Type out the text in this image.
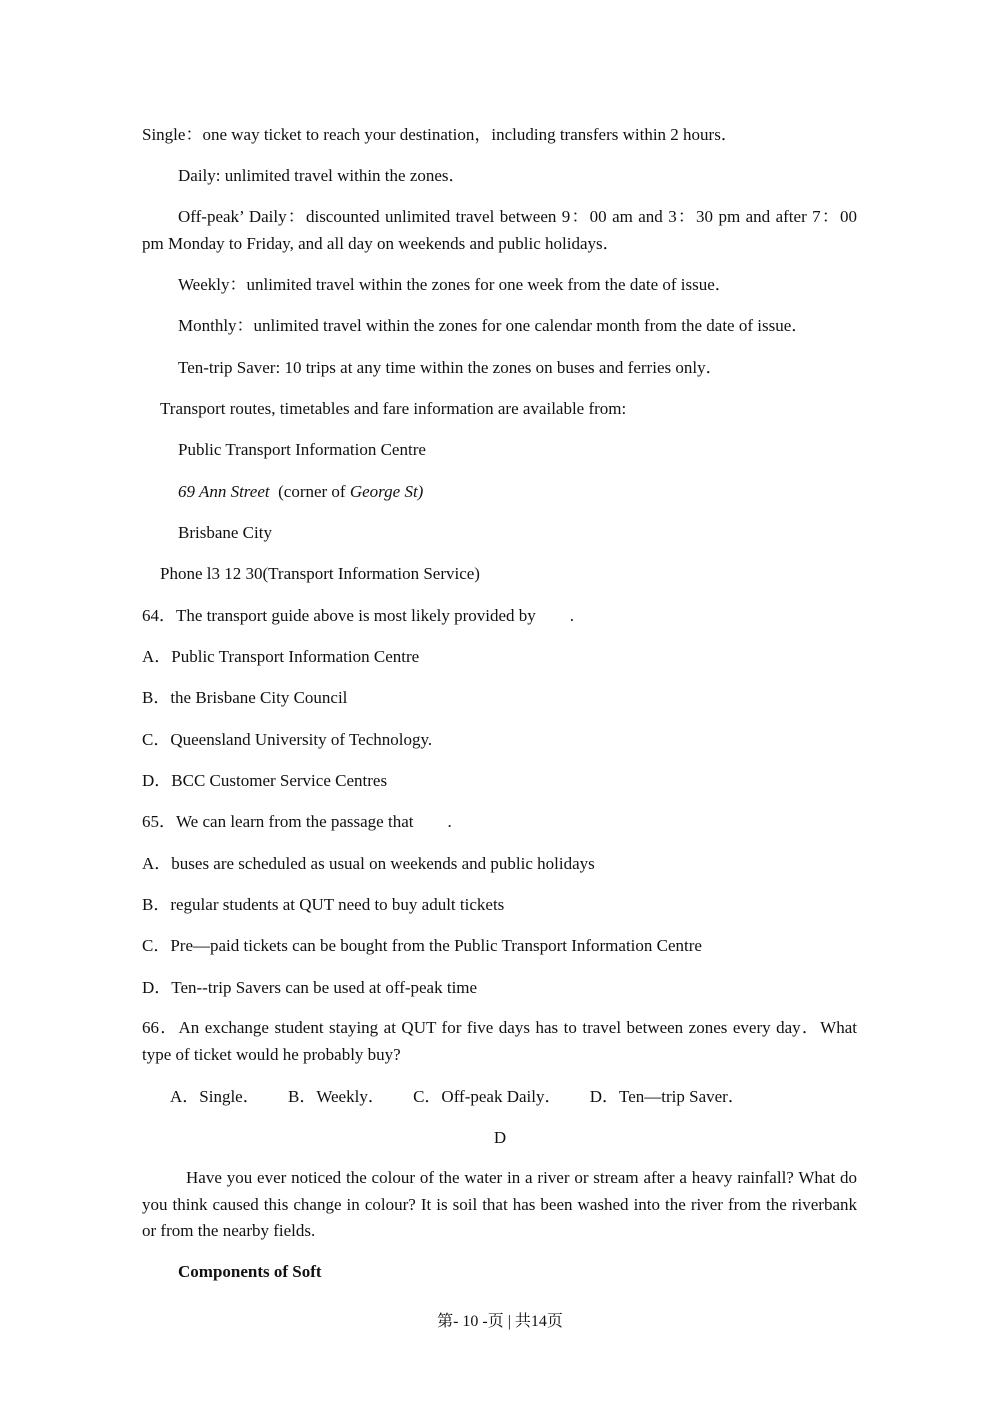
Single：one way ticket to reach your destination，including transfers within 2 hours．
Daily: unlimited travel within the zones．
Off-peak’ Daily：discounted unlimited travel between 9：00 am and 3：30 pm and after 7：00 pm Monday to Friday, and all day on weekends and public holidays．
Weekly：unlimited travel within the zones for one week from the date of issue．
Monthly：unlimited travel within the zones for one calendar month from the date of issue．
Ten-trip Saver: 10 trips at any time within the zones on buses and ferries only．
Transport routes, timetables and fare information are available from:
Public Transport Information Centre
69 Ann Street (corner of George St)
Brisbane City
Phone l3 12 30(Transport Information Service)
64．The transport guide above is most likely provided by        .
A．Public Transport Information Centre
B．the Brisbane City Council
C．Queensland University of Technology.
D．BCC Customer Service Centres
65．We can learn from the passage that        .
A．buses are scheduled as usual on weekends and public holidays
B．regular students at QUT need to buy adult tickets
C．Pre—paid tickets can be bought from the Public Transport Information Centre
D．Ten--trip Savers can be used at off-peak time
66．An exchange student staying at QUT for five days has to travel between zones every day．What type of ticket would he probably buy?
A．Single． B．Weekly． C．Off-peak Daily． D．Ten—trip Saver．
D
Have you ever noticed the colour of the water in a river or stream after a heavy rainfall? What do you think caused this change in colour? It is soil that has been washed into the river from the riverbank or from the nearby fields.
Components of Soft
第- 10 -页 | 共14页
